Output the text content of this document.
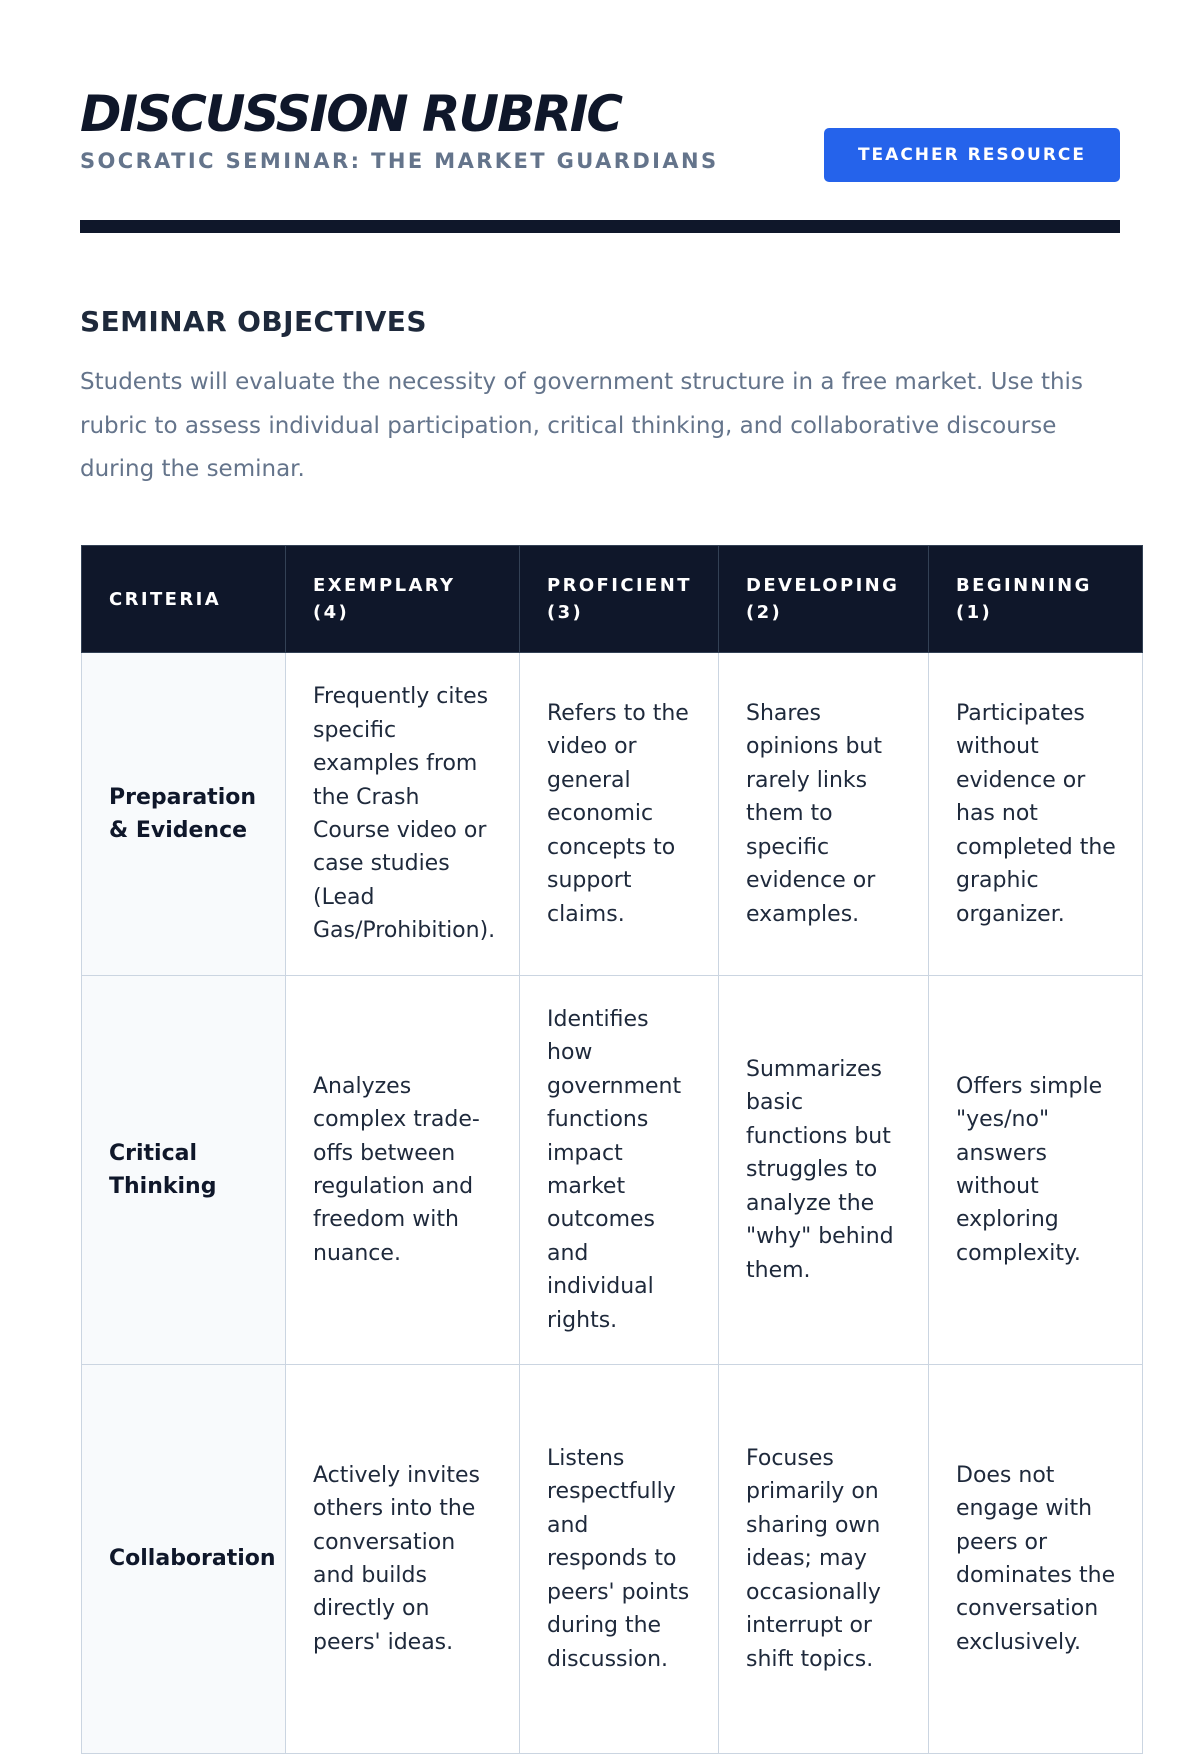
DISCUSSION RUBRIC
SOCRATIC SEMINAR: THE MARKET GUARDIANS	TEACHER RESOURCE
SEMINAR OBJECTIVES

Students will evaluate the necessity of government structure in a free market. Use this rubric to assess individual participation, critical thinking, and collaborative discourse during the seminar.

CRITERIA	EXEMPLARY (4)	PROFICIENT (3)	DEVELOPING (2)	BEGINNING (1)
Preparation & Evidence	Frequently cites specific examples from the Crash Course video or case studies (Lead Gas/Prohibition).	Refers to the video or general economic concepts to support claims.	Shares opinions but rarely links them to specific evidence or examples.	Participates without evidence or has not completed the graphic organizer.
Critical Thinking	Analyzes complex trade-offs between regulation and freedom with nuance.	Identifies how government functions impact market outcomes and individual rights.	Summarizes basic functions but struggles to analyze the "why" behind them.	Offers simple "yes/no" answers without exploring complexity.
Collaboration	Actively invites others into the conversation and builds directly on peers' ideas.	Listens respectfully and responds to peers' points during the discussion.	Focuses primarily on sharing own ideas; may occasionally interrupt or shift topics.	Does not engage with peers or dominates the conversation exclusively.
